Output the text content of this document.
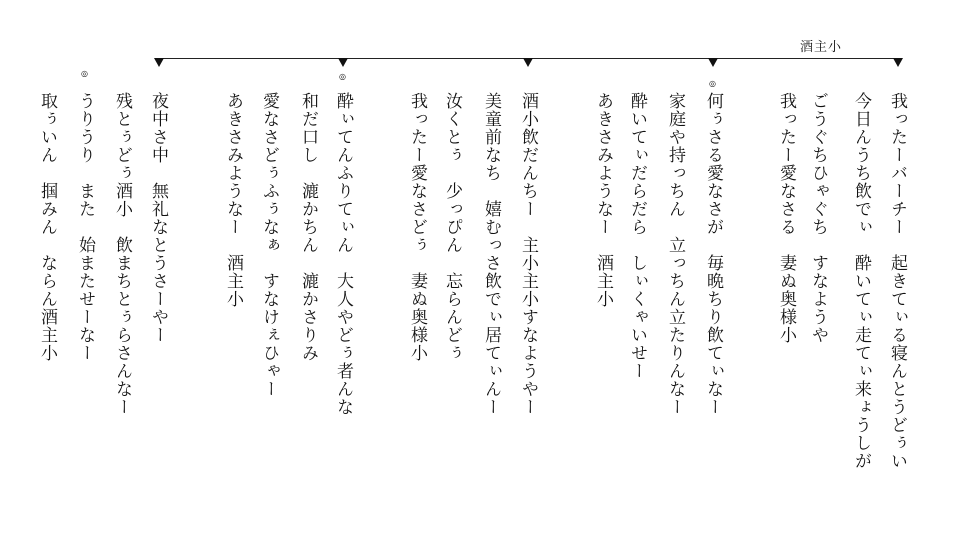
酒主小
◎
◎
◎
我ったーバーチー　起きてぃる寝んとうどぅい
今日んうち飲でぃ　酔いてぃ走てぃ来ょうしが
ごうぐちひゃぐち　すなようや
我ったー愛なさる　妻ぬ奥様小
何ぅさる愛なさが　毎晩ちり飲てぃなー
家庭や持っちん　立っちん立たりんなー
酔いてぃだらだら　しぃくゃいせー
あきさみようなー　酒主小
酒小飲だんちー　主小主小すなようやー
美童前なち　嬉むっさ飲でぃ居てぃんー
汝くとぅ　少っぴん　忘らんどぅ
我ったー愛なさどぅ　妻ぬ奥様小
酔ぃてんふりてぃん　大人やどぅ者んな
和だ口し　漉かちん　漉かさりみ
愛なさどぅふぅなぁ　すなけぇひゃー
あきさみようなー　酒主小
夜中さ中　無礼なとうさーやー
残とぅどぅ酒小　飲まちとぅらさんなー
うりうり　また　始またせーなー
取ぅいん　掴みん　ならん酒主小
